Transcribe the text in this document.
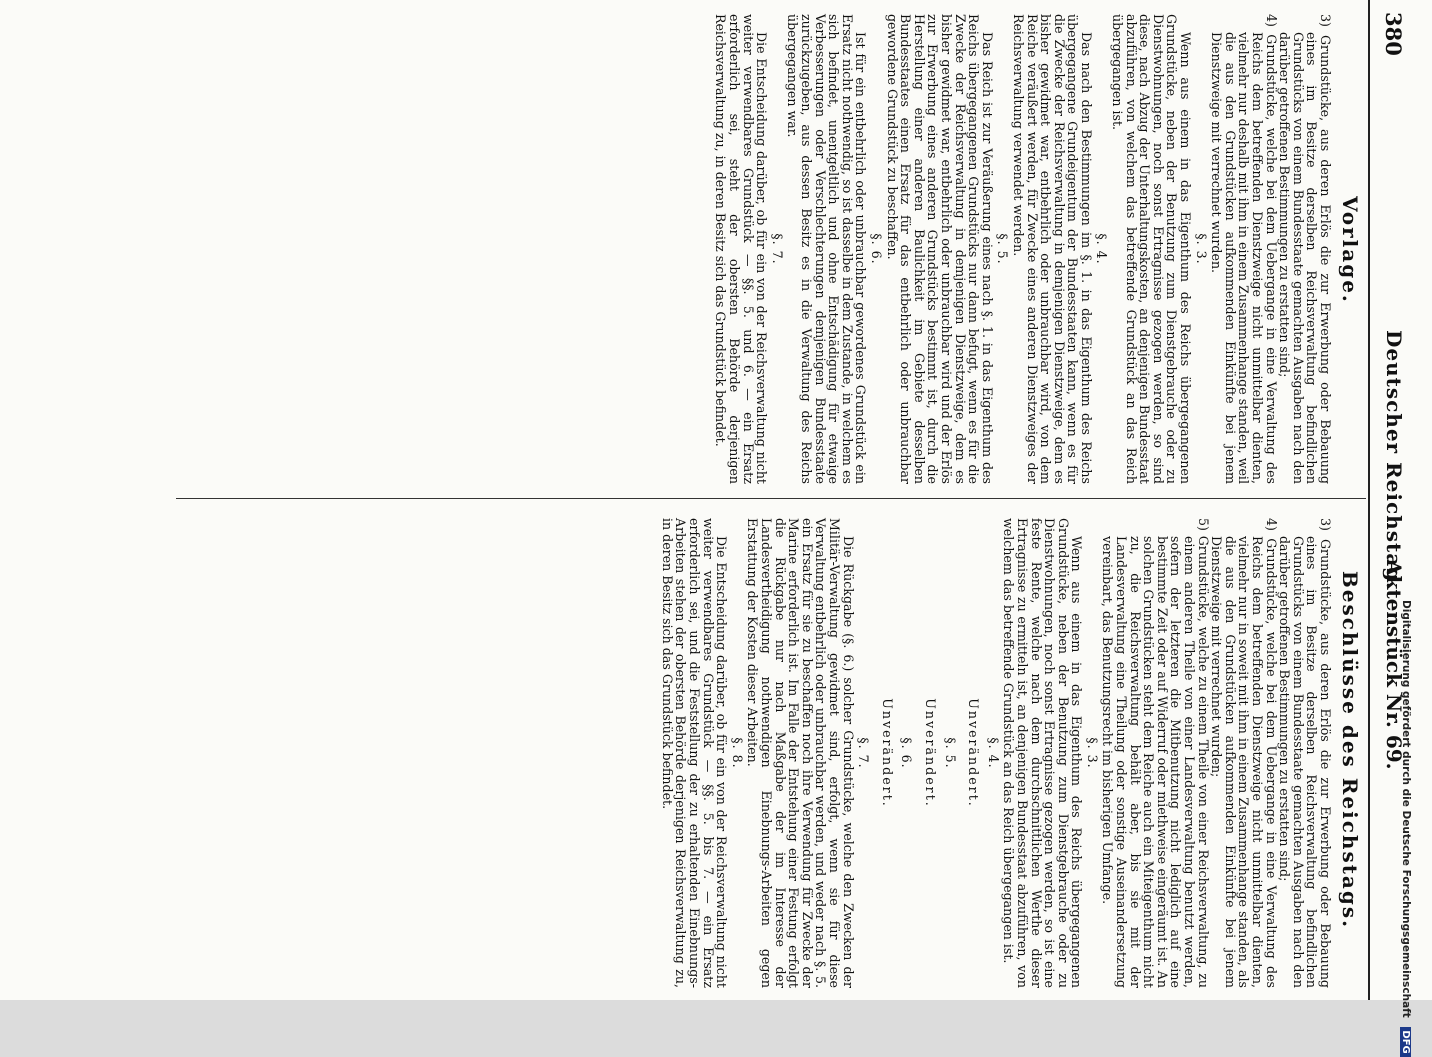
380
Deutscher Reichstag.
Aktenstück Nr. 69.
Vorlage.
Beschlüsse des Reichstags.

3) Grundstücke, aus deren Erlös die zur Erwerbung oder Bebauung eines im Besitze derselben Reichsverwaltung befindlichen Grundstücks von einem Bundesstaate gemachten Ausgaben nach den darüber getroffenen Bestimmungen zu erstatten sind;

4) Grundstücke, welche bei dem Uebergange in eine Verwaltung des Reichs dem betreffenden Dienstzweige nicht unmittelbar dienten, vielmehr nur deshalb mit ihm in einem Zusammenhange standen, weil die aus den Grundstücken aufkommenden Einkünfte bei jenem Dienstzweige mit verrechnet wurden.

§. 3.

Wenn aus einem in das Eigenthum des Reichs übergegangenen Grundstücke, neben der Benutzung zum Dienstgebrauche oder zu Dienstwohnungen, noch sonst Ertragnisse gezogen werden, so sind diese, nach Abzug der Unterhaltungskosten, an denjenigen Bundesstaat abzuführen, von welchem das betreffende Grundstück an das Reich übergegangen ist.

§. 4.

Das nach den Bestimmungen im §. 1. in das Eigenthum des Reichs übergegangene Grundeigentum der Bundesstaaten kann, wenn es für die Zwecke der Reichsverwaltung in demjenigen Dienstzweige, dem es bisher gewidmet war, entbehrlich oder unbrauchbar wird, von dem Reiche veräußert werden, für Zwecke eines anderen Dienstzweiges der Reichsverwaltung verwendet werden.

§. 5.

Das Reich ist zur Veräußerung eines nach §. 1. in das Eigenthum des Reichs übergegangenen Grundstücks nur dann befugt, wenn es für die Zwecke der Reichsverwaltung in demjenigen Dienstzweige, dem es bisher gewidmet war, entbehrlich oder unbrauchbar wird und der Erlös zur Erwerbung eines anderen Grundstücks bestimmt ist, durch die Herstellung einer anderen Baulichkeit im Gebiete desselben Bundesstaates einen Ersatz für das entbehrlich oder unbrauchbar gewordene Grundstück zu beschaffen.

§. 6.

Ist für ein entbehrlich oder unbrauchbar gewordenes Grundstück ein Ersatz nicht nothwendig, so ist dasselbe in dem Zustande, in welchem es sich befindet, unentgeltlich und ohne Entschädigung für etwaige Verbesserungen oder Verschlechterungen demjenigen Bundesstaate zurückzugeben, aus dessen Besitz es in die Verwaltung des Reichs übergegangen war.

§. 7.

Die Entscheidung darüber, ob für ein von der Reichsverwaltung nicht weiter verwendbares Grundstück — §§. 5. und 6. — ein Ersatz erforderlich sei, steht der obersten Behörde derjenigen Reichsverwaltung zu, in deren Besitz sich das Grundstück befindet.

3) Grundstücke, aus deren Erlös die zur Erwerbung oder Bebauung eines im Besitze derselben Reichsverwaltung befindlichen Grundstücks von einem Bundesstaate gemachten Ausgaben nach den darüber getroffenen Bestimmungen zu erstatten sind;

4) Grundstücke, welche bei dem Uebergange in eine Verwaltung des Reichs dem betreffenden Dienstzweige nicht unmittelbar dienten, vielmehr nur in soweit mit ihm in einem Zusammenhange standen, als die aus den Grundstücken aufkommenden Einkünfte bei jenem Dienstzweige mit verrechnet wurden;

5) Grundstücke, welche zu einem Theile von einer Reichsverwaltung, zu einem anderen Theile von einer Landesverwaltung benutzt werden, sofern der letzteren die Mitbenutzung nicht lediglich auf eine bestimmte Zeit oder auf Widerruf oder miethweise eingeräumt ist. An solchen Grundstücken steht dem Reiche auch ein Miteigenthum nicht zu, die Reichsverwaltung behält aber, bis sie mit der Landesverwaltung eine Theilung oder sonstige Auseinandersetzung vereinbart, das Benutzungsrecht im bisherigen Umfange.

§. 3.

Wenn aus einem in das Eigenthum des Reichs übergegangenen Grundstücke, neben der Benutzung zum Dienstgebrauche oder zu Dienstwohnungen, noch sonst Ertragnisse gezogen werden, so ist eine feste Rente, welche nach dem durchschnittlichen Werthe dieser Ertragnisse zu ermitteln ist, an denjenigen Bundesstaat abzuführen, von welchem das betreffende Grundstück an das Reich übergegangen ist.

§. 4.

Unverändert.

§. 5.

Unverändert.

§. 6.

Unverändert.

§. 7.

Die Rückgabe (§. 6.) solcher Grundstücke, welche den Zwecken der Militär-Verwaltung gewidmet sind, erfolgt, wenn sie für diese Verwaltung entbehrlich oder unbrauchbar werden, und weder nach §. 5. ein Ersatz für sie zu beschaffen noch ihre Verwendung für Zwecke der Marine erforderlich ist. Im Falle der Entstehung einer Festung erfolgt die Rückgabe nur nach Maßgabe der im Interesse der Landesvertheidigung nothwendigen Einebnungs-Arbeiten gegen Erstattung der Kosten dieser Arbeiten.

§. 8.

Die Entscheidung darüber, ob für ein von der Reichsverwaltung nicht weiter verwendbares Grundstück — §§. 5. bis 7. — ein Ersatz erforderlich sei, und die Feststellung der zu erhaltenden Einebnungs-Arbeiten stehen der obersten Behörde derjenigen Reichsverwaltung zu, in deren Besitz sich das Grundstück befindet.	Digitalisierung gefördert durch die Deutsche Forschungsgemeinschaft DFG
